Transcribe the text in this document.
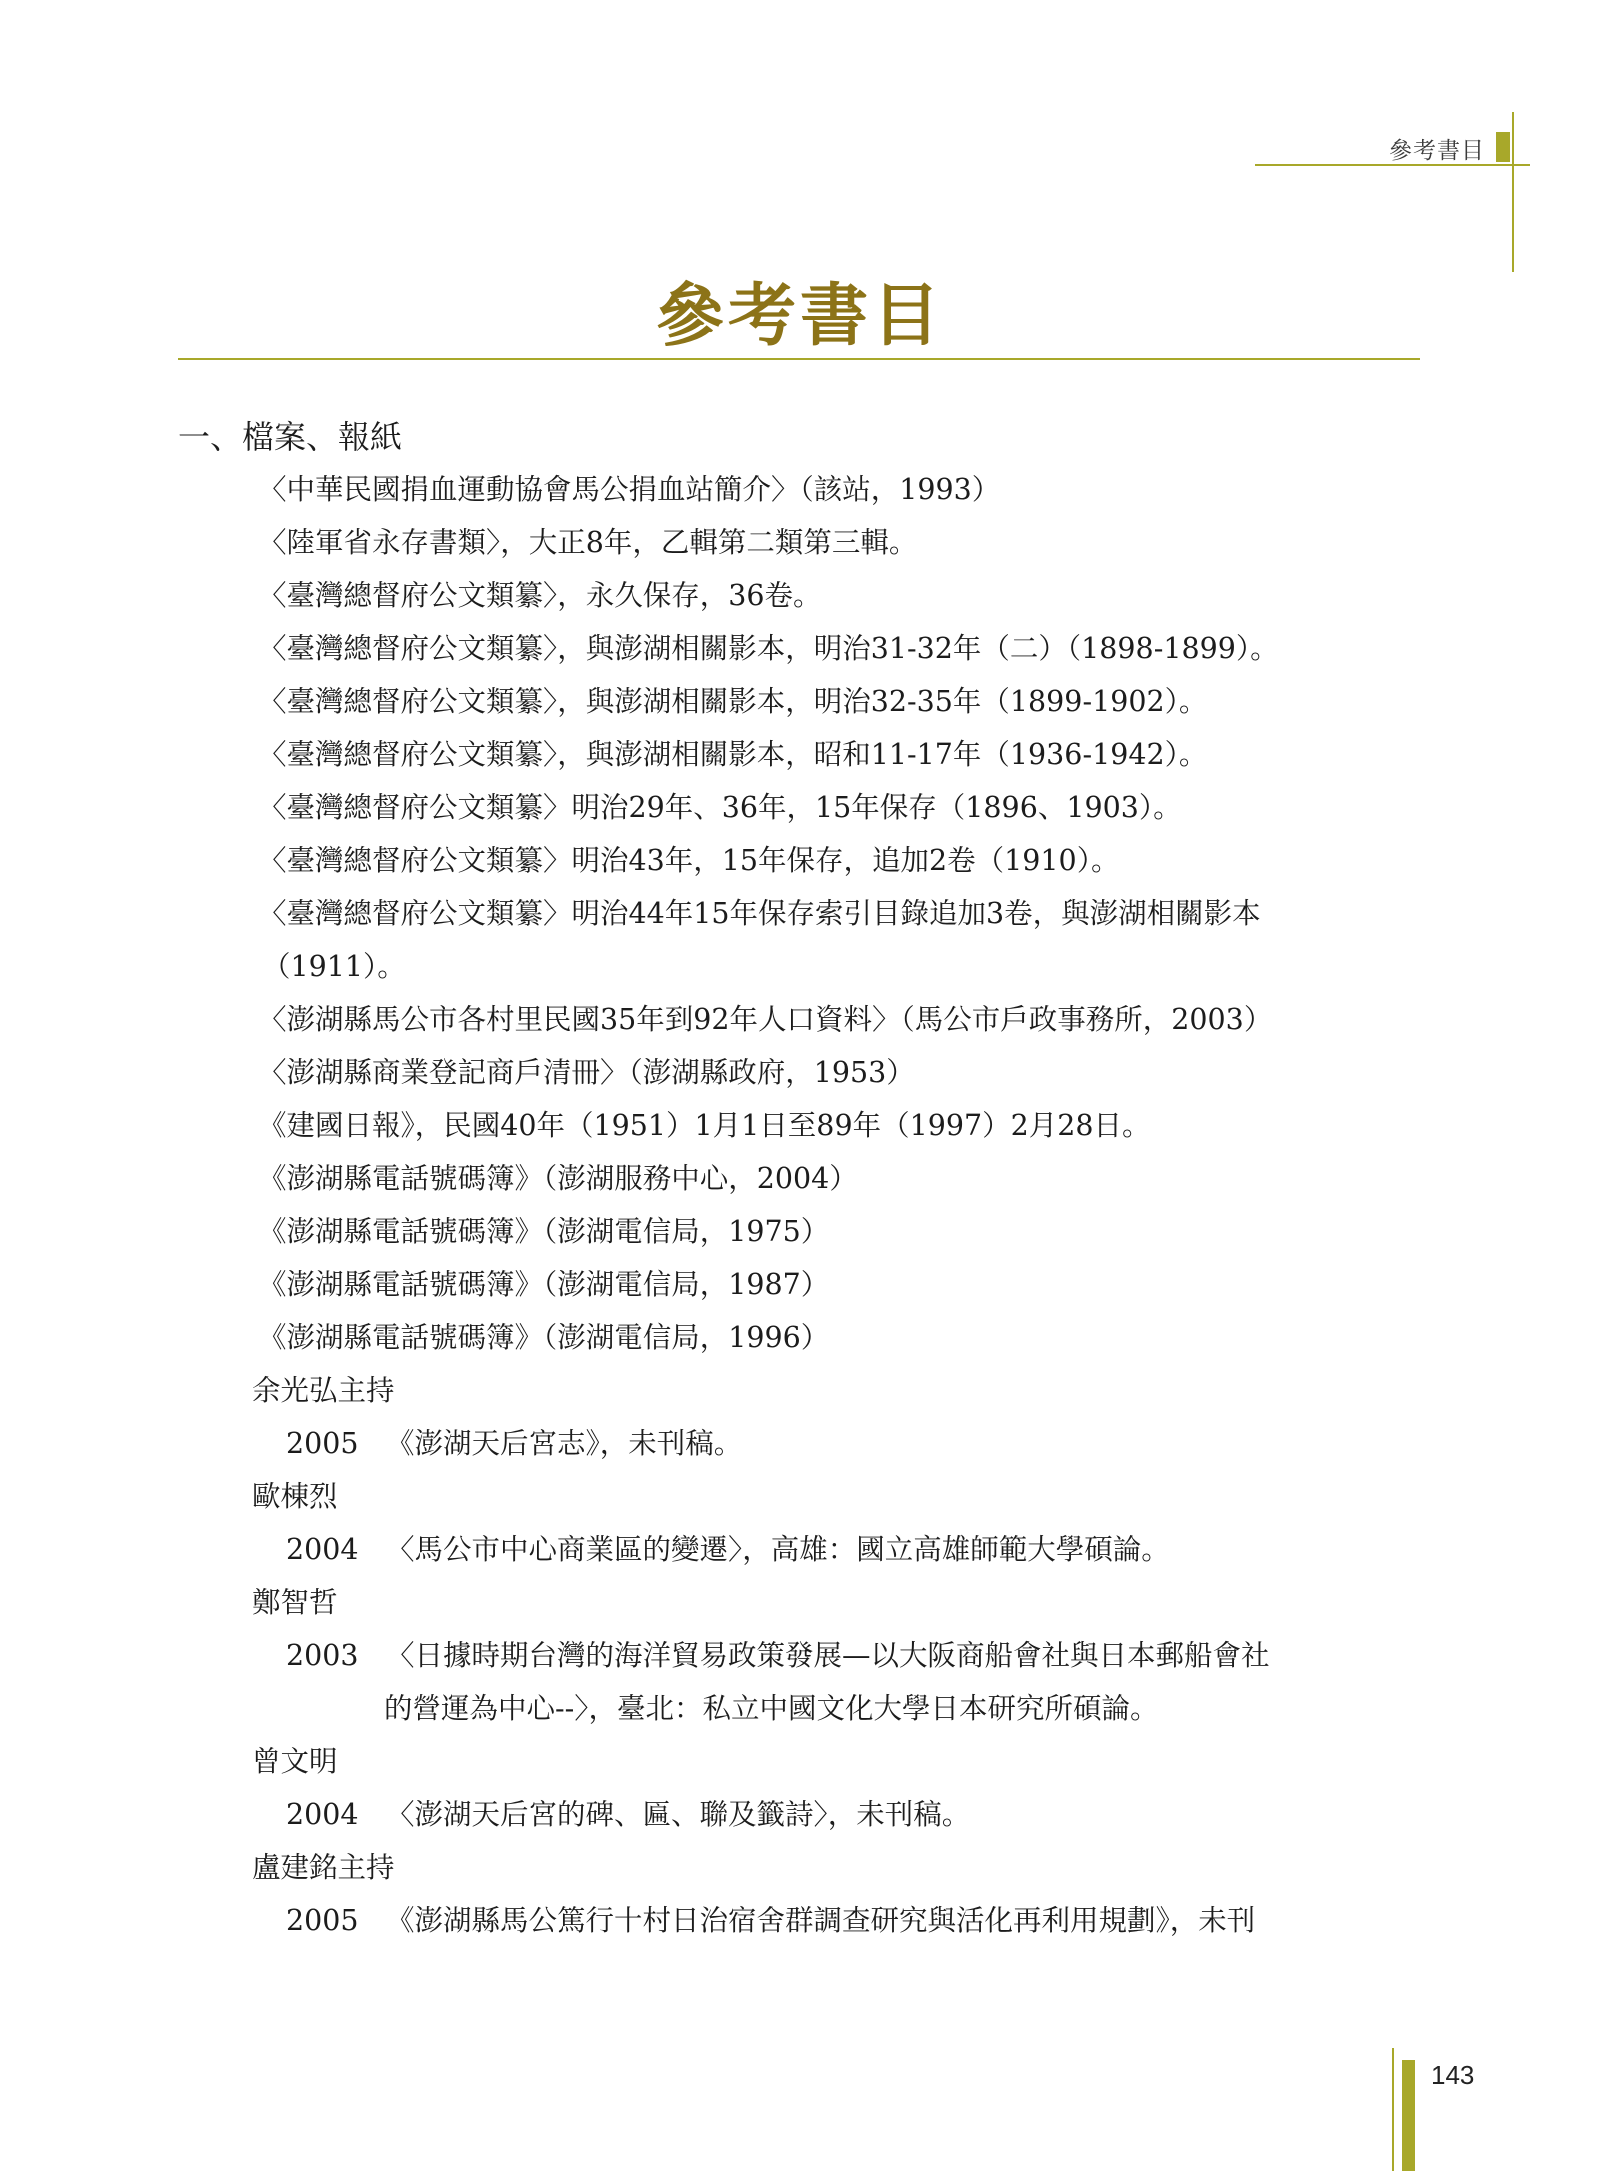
參考書目
參考書目
一、檔案、報紙
〈中華民國捐血運動協會馬公捐血站簡介〉（該站，1993）
〈陸軍省永存書類〉，大正8年，乙輯第二類第三輯。
〈臺灣總督府公文類纂〉，永久保存，36卷。
〈臺灣總督府公文類纂〉，與澎湖相關影本，明治31-32年（二）（1898-1899）。
〈臺灣總督府公文類纂〉，與澎湖相關影本，明治32-35年（1899-1902）。
〈臺灣總督府公文類纂〉，與澎湖相關影本，昭和11-17年（1936-1942）。
〈臺灣總督府公文類纂〉明治29年、36年，15年保存（1896、1903）。
〈臺灣總督府公文類纂〉明治43年，15年保存，追加2卷（1910）。
〈臺灣總督府公文類纂〉明治44年15年保存索引目錄追加3卷，與澎湖相關影本
（1911）。
〈澎湖縣馬公市各村里民國35年到92年人口資料〉（馬公市戶政事務所，2003）
〈澎湖縣商業登記商戶清冊〉（澎湖縣政府，1953）
《建國日報》，民國40年（1951）1月1日至89年（1997）2月28日。
《澎湖縣電話號碼簿》（澎湖服務中心，2004）
《澎湖縣電話號碼簿》（澎湖電信局，1975）
《澎湖縣電話號碼簿》（澎湖電信局，1987）
《澎湖縣電話號碼簿》（澎湖電信局，1996）
余光弘主持
2005 《澎湖天后宮志》，未刊稿。
歐棟烈
2004 〈馬公市中心商業區的變遷〉，高雄：國立高雄師範大學碩論。
鄭智哲
2003 〈日據時期台灣的海洋貿易政策發展—以大阪商船會社與日本郵船會社
的營運為中心--〉，臺北：私立中國文化大學日本研究所碩論。
曾文明
2004 〈澎湖天后宮的碑、匾、聯及籤詩〉，未刊稿。
盧建銘主持
2005 《澎湖縣馬公篤行十村日治宿舍群調查研究與活化再利用規劃》，未刊
143
